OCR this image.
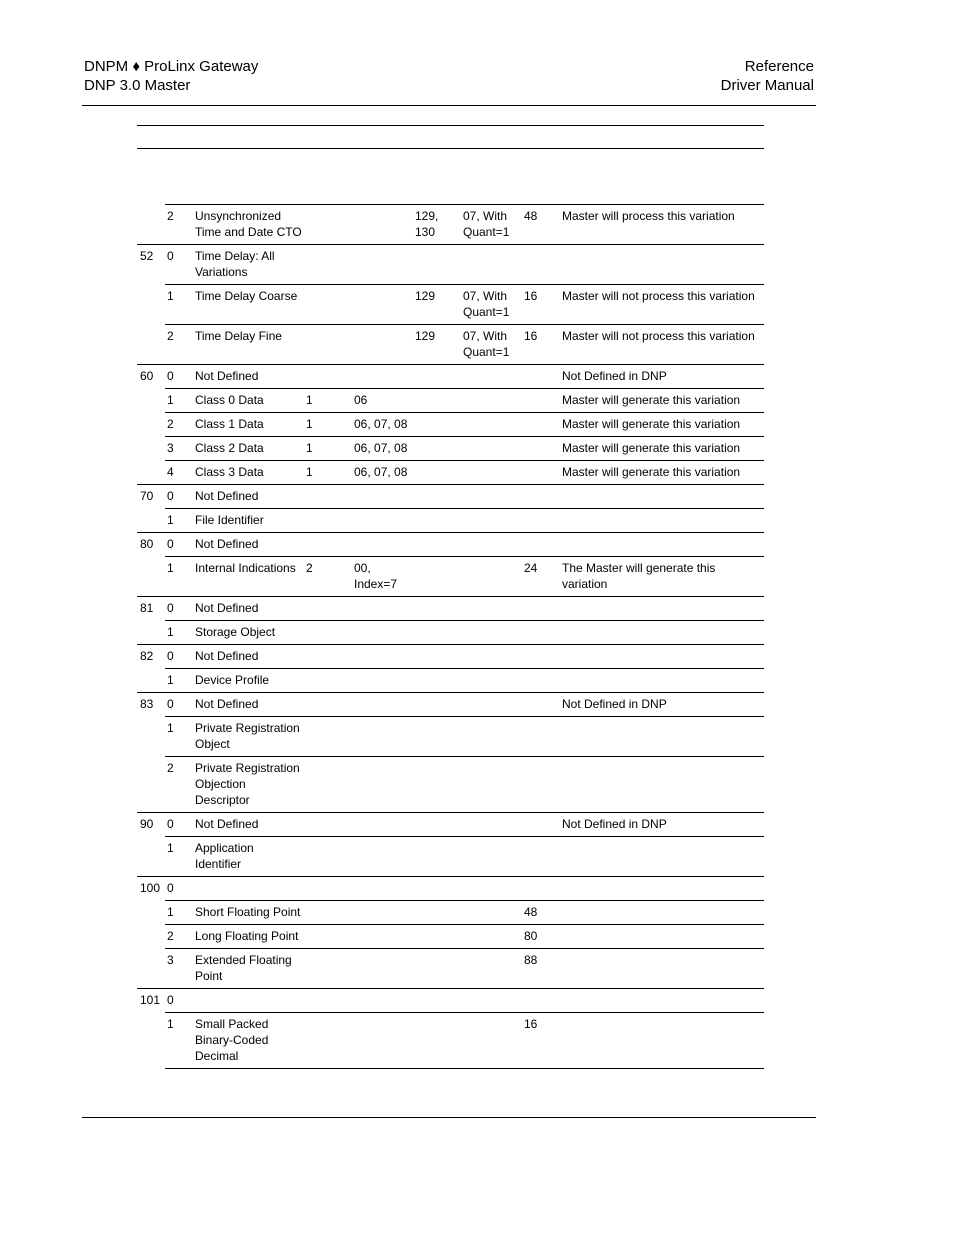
DNPM ♦ ProLinx Gateway
DNP 3.0 Master
Reference
Driver Manual
	2	Unsynchronized Time and Date CTO			129, 130	07, With Quant=1	48	Master will process this variation
52	0	Time Delay: All Variations						
	1	Time Delay Coarse			129	07, With Quant=1	16	Master will not process this variation
	2	Time Delay Fine			129	07, With Quant=1	16	Master will not process this variation
60	0	Not Defined						Not Defined in DNP
	1	Class 0 Data	1	06				Master will generate this variation
	2	Class 1 Data	1	06, 07, 08				Master will generate this variation
	3	Class 2 Data	1	06, 07, 08				Master will generate this variation
	4	Class 3 Data	1	06, 07, 08				Master will generate this variation
70	0	Not Defined						
	1	File Identifier						
80	0	Not Defined						
	1	Internal Indications	2	00, Index=7			24	The Master will generate this variation
81	0	Not Defined						
	1	Storage Object						
82	0	Not Defined						
	1	Device Profile						
83	0	Not Defined						Not Defined in DNP
	1	Private Registration Object						
	2	Private Registration Objection Descriptor						
90	0	Not Defined						Not Defined in DNP
	1	Application Identifier						
100	0							
	1	Short Floating Point					48	
	2	Long Floating Point					80	
	3	Extended Floating Point					88	
101	0							
	1	Small Packed Binary-Coded Decimal					16	
